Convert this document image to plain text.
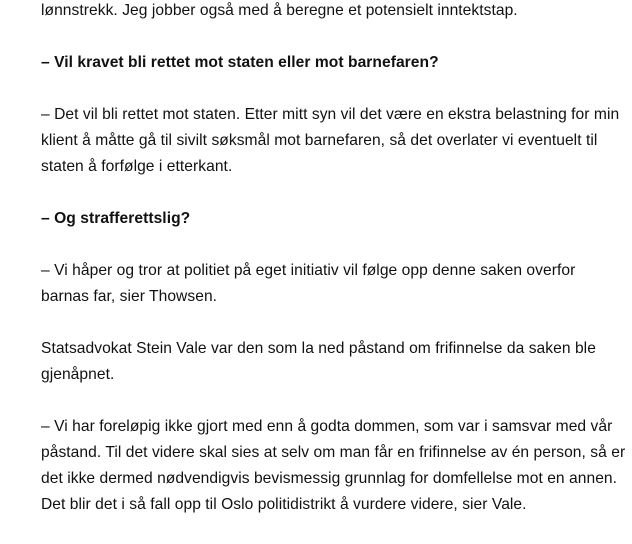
lønnstrekk. Jeg jobber også med å beregne et potensielt inntektstap.

– Vil kravet bli rettet mot staten eller mot barnefaren?

– Det vil bli rettet mot staten. Etter mitt syn vil det være en ekstra belastning for min
klient å måtte gå til sivilt søksmål mot barnefaren, så det overlater vi eventuelt til
staten å forfølge i etterkant.

– Og strafferettslig?

– Vi håper og tror at politiet på eget initiativ vil følge opp denne saken overfor
barnas far, sier Thowsen.

Statsadvokat Stein Vale var den som la ned påstand om frifinnelse da saken ble
gjenåpnet.

– Vi har foreløpig ikke gjort med enn å godta dommen, som var i samsvar med vår
påstand. Til det videre skal sies at selv om man får en frifinnelse av én person, så er
det ikke dermed nødvendigvis bevismessig grunnlag for domfellelse mot en annen.
Det blir det i så fall opp til Oslo politidistrikt å vurdere videre, sier Vale.
